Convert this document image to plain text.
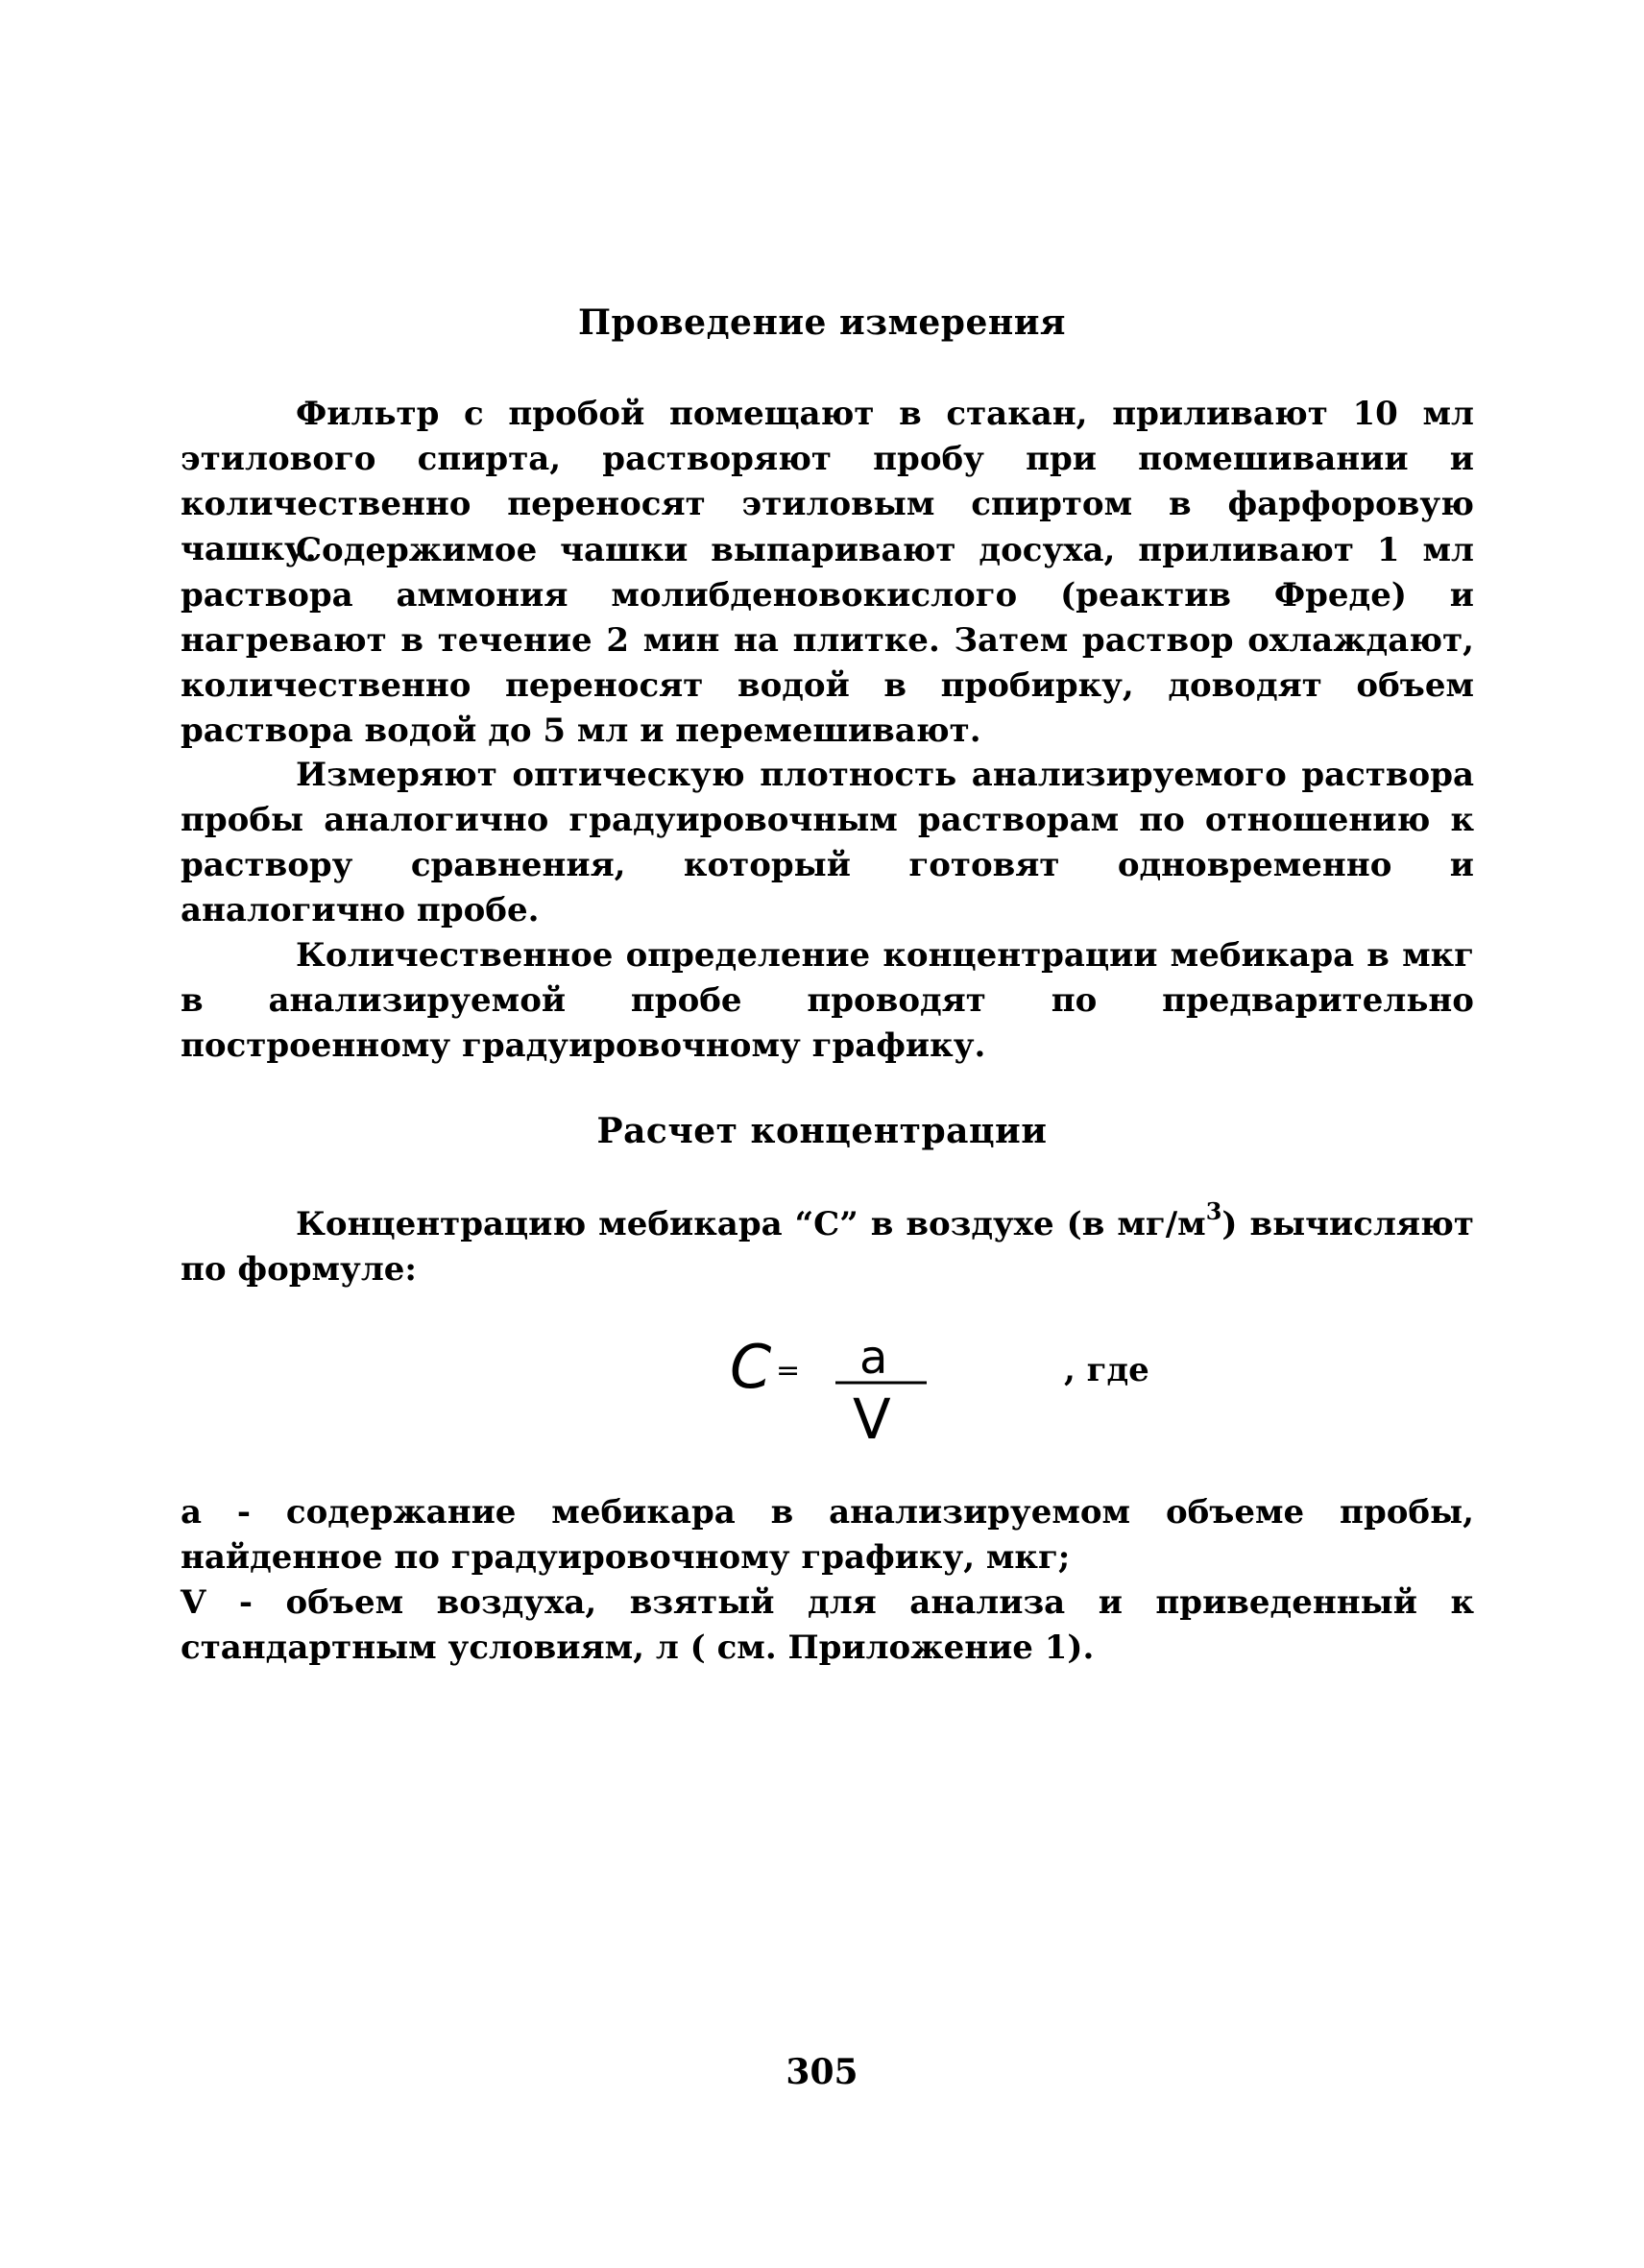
Проведение измерения

Фильтр с пробой помещают в стакан, приливают 10 мл этилового спирта, растворяют пробу при помешивании и количественно переносят этиловым спиртом в фарфоровую чашку.

Содержимое чашки выпаривают досуха, приливают 1 мл раствора аммония молибденовокислого (реактив Фреде) и нагревают в течение 2 мин на плитке. Затем раствор охлаждают, количественно переносят водой в пробирку, доводят объем раствора водой до 5 мл и перемешивают.

Измеряют оптическую плотность анализируемого раствора пробы аналогично градуировочным растворам по отношению к раствору сравнения, который готовят одновременно и аналогично пробе.

Количественное определение концентрации мебикара в мкг в анализируемой пробе проводят по предварительно построенному градуировочному графику.

Расчет концентрации

Концентрацию мебикара “С” в воздухе (в $мг/м^3$) вычисляют по формуле:

C = a
V
, где

a - содержание мебикара в анализируемом объеме пробы, найденное по градуировочному графику, мкг;

V - объем воздуха, взятый для анализа и приведенный к стандартным условиям, л ( см. Приложение 1).

305
